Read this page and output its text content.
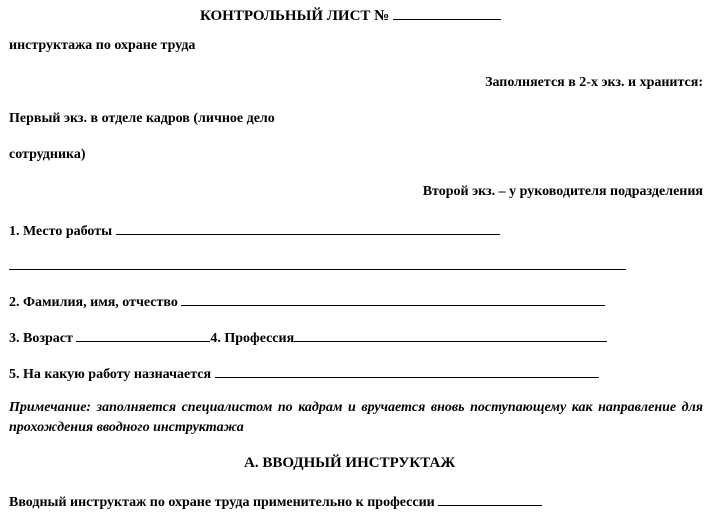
КОНТРОЛЬНЫЙ ЛИСТ №
инструктажа по охране труда
Заполняется в 2-х экз. и хранится:
Первый экз. в отделе кадров (личное дело
сотрудника)
Второй экз. – у руководителя подразделения
1. Место работы
2. Фамилия, имя, отчество
3. Возраст	4. Профессия
5. На какую работу назначается
Примечание: заполняется специалистом по кадрам и вручается вновь поступающему как направление для прохождения вводного инструктажа
А. ВВОДНЫЙ ИНСТРУКТАЖ
Вводный инструктаж по охране труда применительно к профессии
